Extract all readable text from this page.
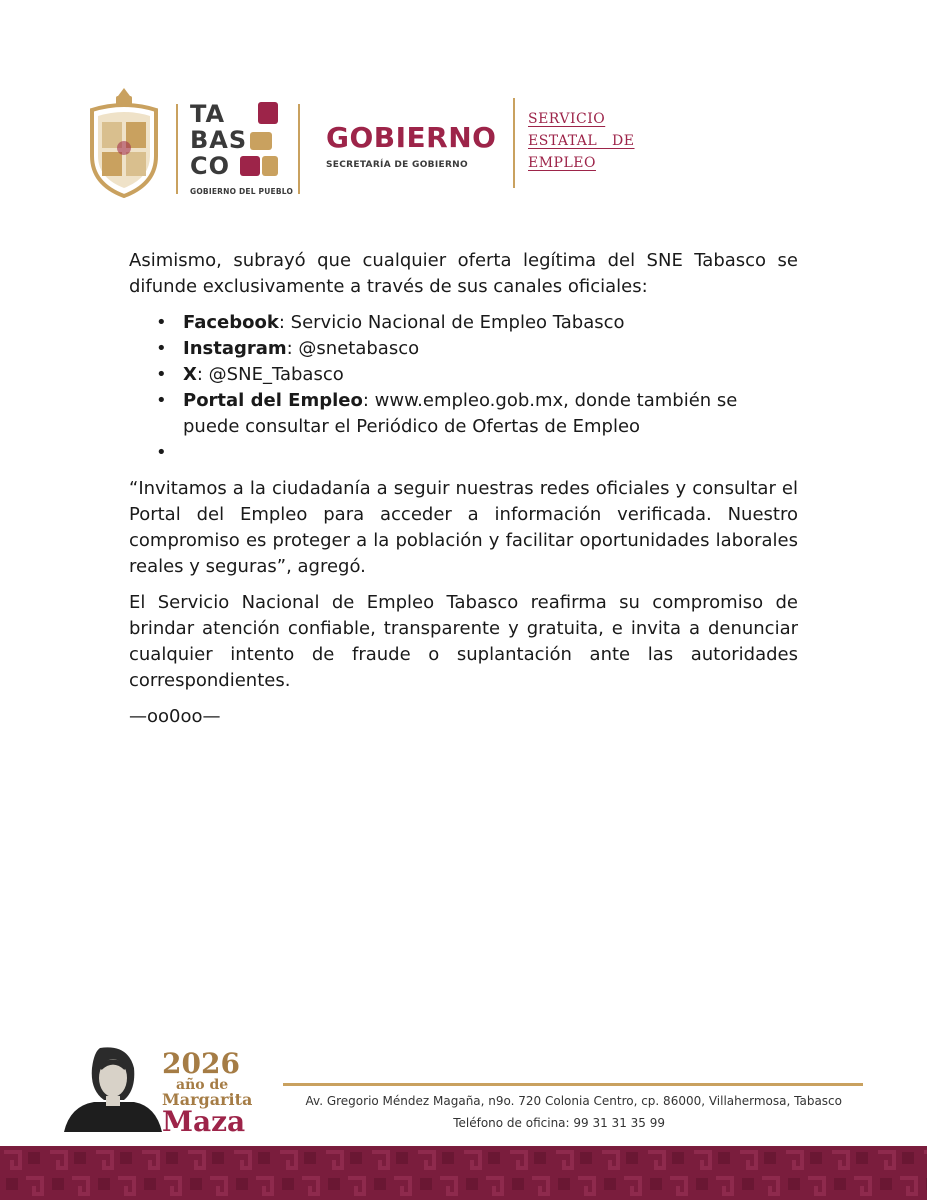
TA
BAS
CO
GOBIERNO DEL PUEBLO
GOBIERNO
SECRETARÍA DE GOBIERNO
SERVICIO
ESTATAL   DE
EMPLEO

Asimismo, subrayó que cualquier oferta legítima del SNE Tabasco se difunde exclusivamente a través de sus canales oficiales:

• Facebook: Servicio Nacional de Empleo Tabasco
• Instagram: @snetabasco
• X: @SNE_Tabasco
• Portal del Empleo: www.empleo.gob.mx, donde también se puede consultar el Periódico de Ofertas de Empleo
•

“Invitamos a la ciudadanía a seguir nuestras redes oficiales y consultar el Portal del Empleo para acceder a información verificada. Nuestro compromiso es proteger a la población y facilitar oportunidades laborales reales y seguras”, agregó.

El Servicio Nacional de Empleo Tabasco reafirma su compromiso de brindar atención confiable, transparente y gratuita, e invita a denunciar cualquier intento de fraude o suplantación ante las autoridades correspondientes.

—oo0oo—

2026
año de
Margarita
Maza
Av. Gregorio Méndez Magaña, n9o. 720 Colonia Centro, cp. 86000, Villahermosa, Tabasco
Teléfono de oficina: 99 31 31 35 99
